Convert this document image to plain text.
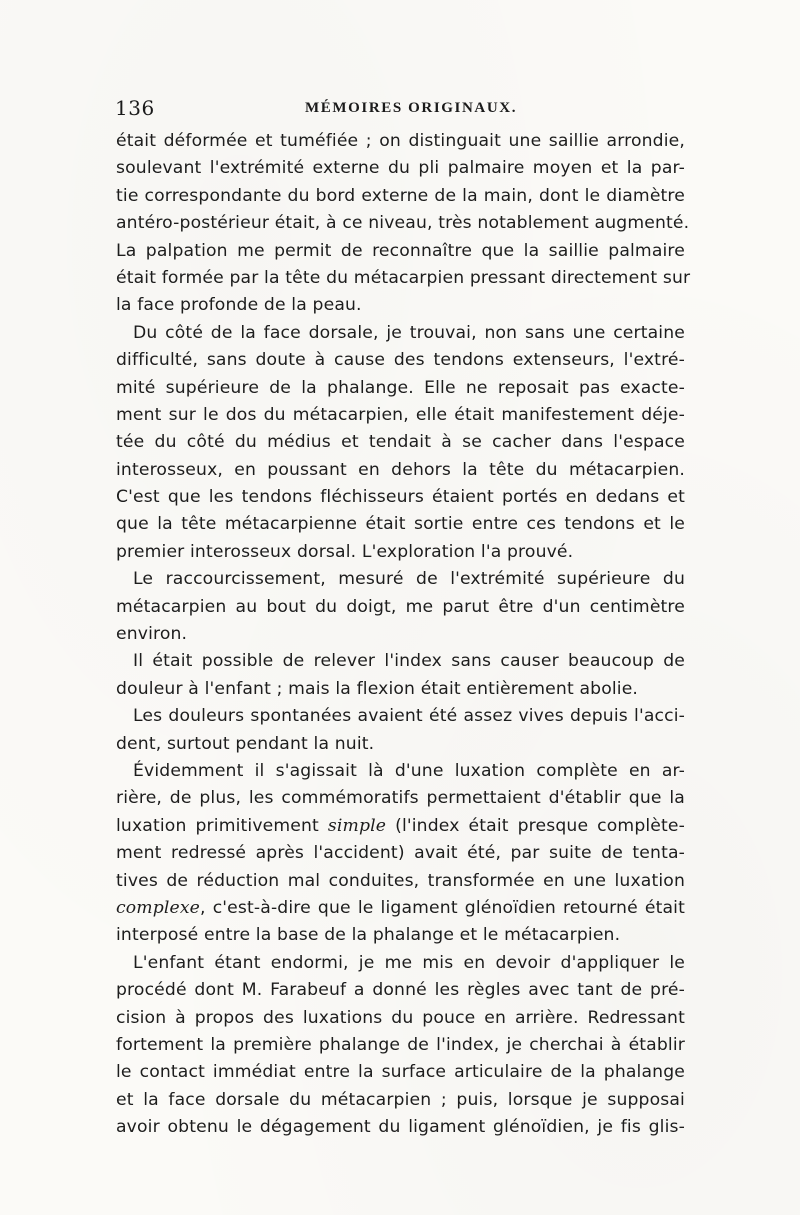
136	MÉMOIRES ORIGINAUX.
était déformée et tuméfiée ; on distinguait une saillie arrondie,
soulevant l'extrémité externe du pli palmaire moyen et la par-
tie correspondante du bord externe de la main, dont le diamètre
antéro-postérieur était, à ce niveau, très notablement augmenté.
La palpation me permit de reconnaître que la saillie palmaire
était formée par la tête du métacarpien pressant directement sur
la face profonde de la peau.
Du côté de la face dorsale, je trouvai, non sans une certaine
difficulté, sans doute à cause des tendons extenseurs, l'extré-
mité supérieure de la phalange. Elle ne reposait pas exacte-
ment sur le dos du métacarpien, elle était manifestement déje-
tée du côté du médius et tendait à se cacher dans l'espace
interosseux, en poussant en dehors la tête du métacarpien.
C'est que les tendons fléchisseurs étaient portés en dedans et
que la tête métacarpienne était sortie entre ces tendons et le
premier interosseux dorsal. L'exploration l'a prouvé.
Le raccourcissement, mesuré de l'extrémité supérieure du
métacarpien au bout du doigt, me parut être d'un centimètre
environ.
Il était possible de relever l'index sans causer beaucoup de
douleur à l'enfant ; mais la flexion était entièrement abolie.
Les douleurs spontanées avaient été assez vives depuis l'acci-
dent, surtout pendant la nuit.
Évidemment il s'agissait là d'une luxation complète en ar-
rière, de plus, les commémoratifs permettaient d'établir que la
luxation primitivement simple (l'index était presque complète-
ment redressé après l'accident) avait été, par suite de tenta-
tives de réduction mal conduites, transformée en une luxation
complexe, c'est-à-dire que le ligament glénoïdien retourné était
interposé entre la base de la phalange et le métacarpien.
L'enfant étant endormi, je me mis en devoir d'appliquer le
procédé dont M. Farabeuf a donné les règles avec tant de pré-
cision à propos des luxations du pouce en arrière. Redressant
fortement la première phalange de l'index, je cherchai à établir
le contact immédiat entre la surface articulaire de la phalange
et la face dorsale du métacarpien ; puis, lorsque je supposai
avoir obtenu le dégagement du ligament glénoïdien, je fis glis-
